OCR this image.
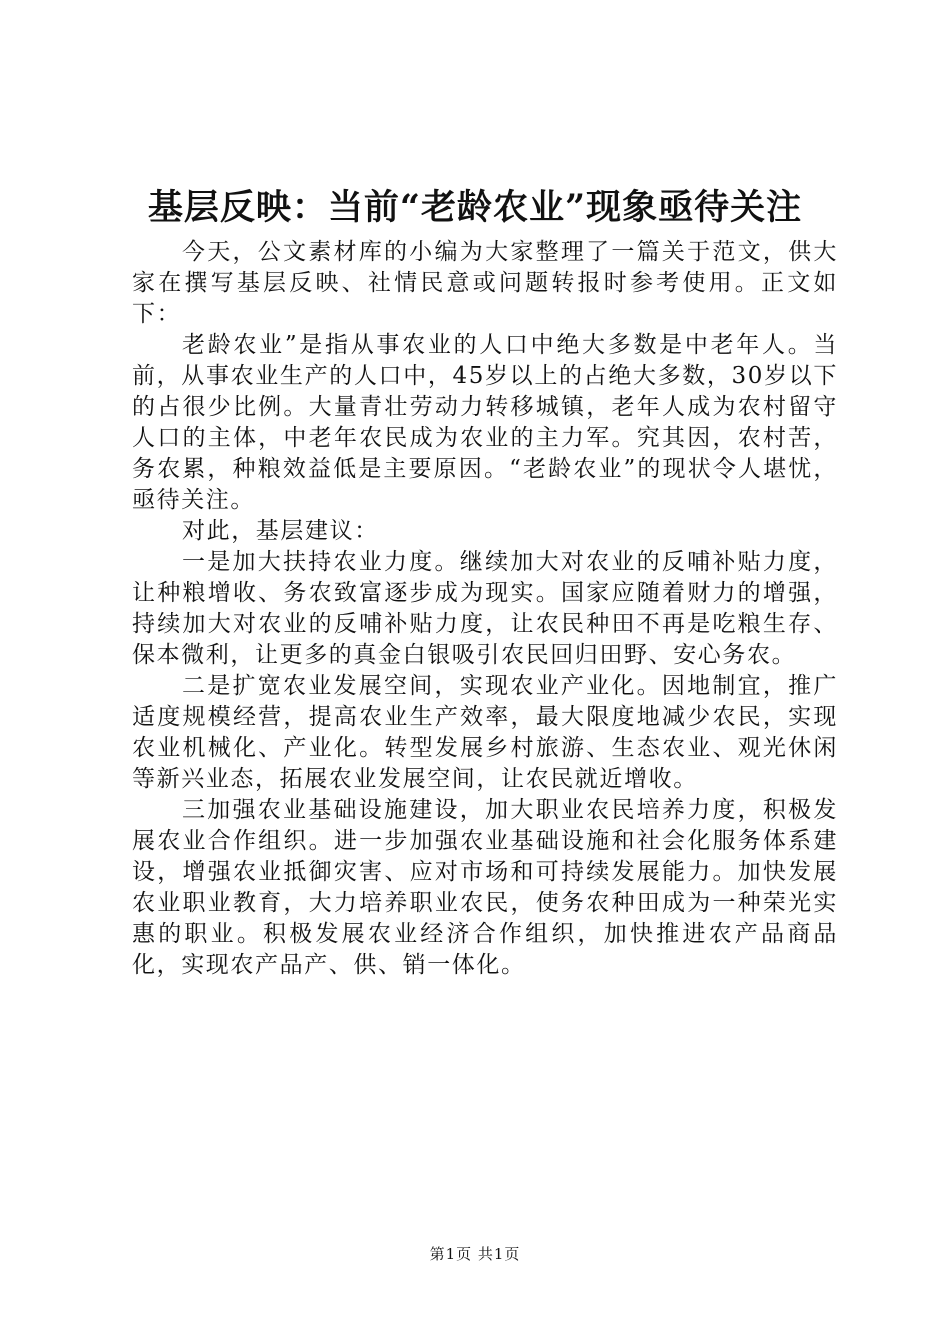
基层反映：当前“老龄农业”现象亟待关注

今天，公文素材库的小编为大家整理了一篇关于范文，供大家在撰写基层反映、社情民意或问题转报时参考使用。正文如下：

老龄农业”是指从事农业的人口中绝大多数是中老年人。当前，从事农业生产的人口中，45岁以上的占绝大多数，30岁以下的占很少比例。大量青壮劳动力转移城镇，老年人成为农村留守人口的主体，中老年农民成为农业的主力军。究其因，农村苦，务农累，种粮效益低是主要原因。“老龄农业”的现状令人堪忧，亟待关注。

对此，基层建议：

一是加大扶持农业力度。继续加大对农业的反哺补贴力度，让种粮增收、务农致富逐步成为现实。国家应随着财力的增强，持续加大对农业的反哺补贴力度，让农民种田不再是吃粮生存、保本微利，让更多的真金白银吸引农民回归田野、安心务农。

二是扩宽农业发展空间，实现农业产业化。因地制宜，推广适度规模经营，提高农业生产效率，最大限度地减少农民，实现农业机械化、产业化。转型发展乡村旅游、生态农业、观光休闲等新兴业态，拓展农业发展空间，让农民就近增收。

三加强农业基础设施建设，加大职业农民培养力度，积极发展农业合作组织。进一步加强农业基础设施和社会化服务体系建设，增强农业抵御灾害、应对市场和可持续发展能力。加快发展农业职业教育，大力培养职业农民，使务农种田成为一种荣光实惠的职业。积极发展农业经济合作组织，加快推进农产品商品化，实现农产品产、供、销一体化。

第1页 共1页
